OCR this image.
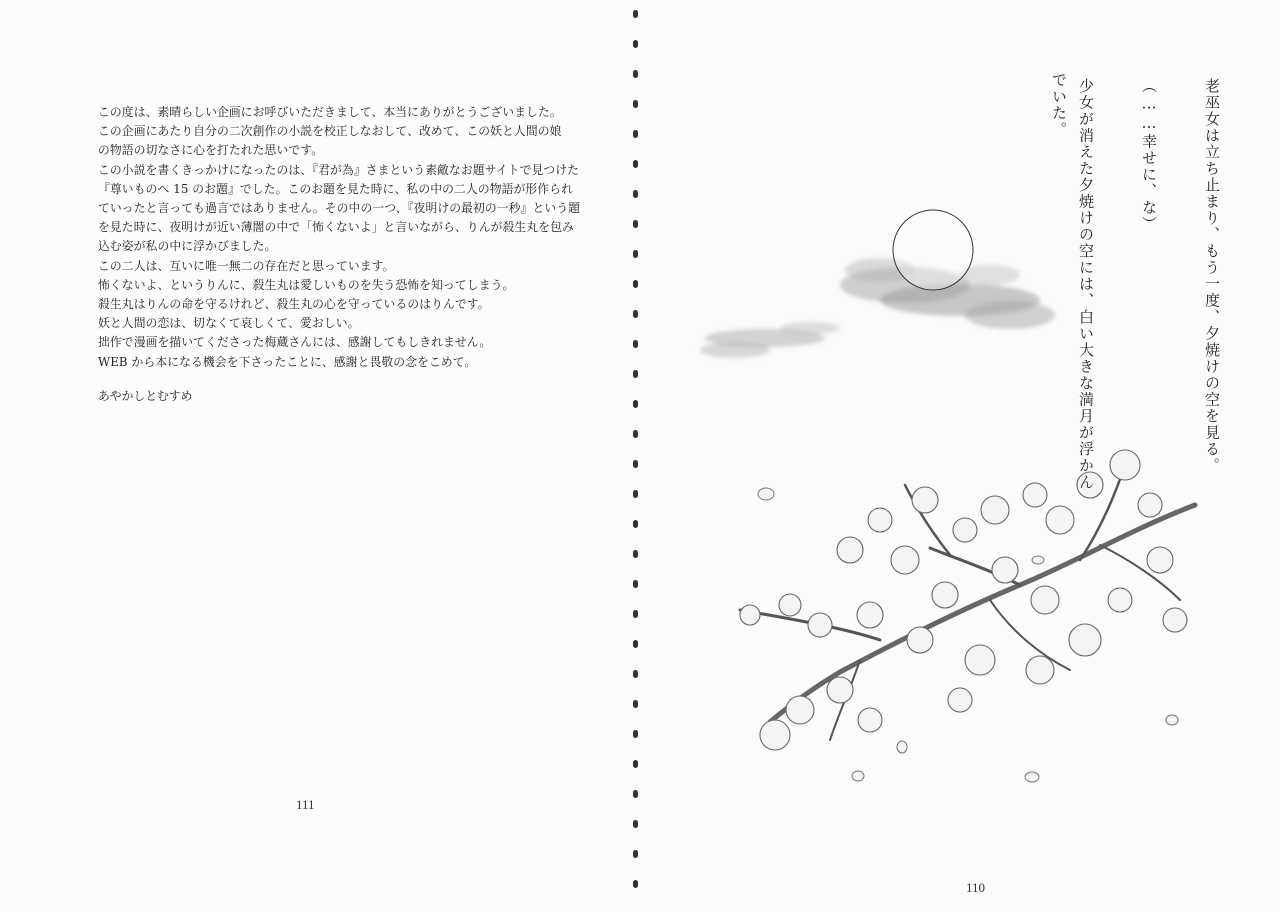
この度は、素晴らしい企画にお呼びいただきまして、本当にありがとうございました。

この企画にあたり自分の二次創作の小説を校正しなおして、改めて、この妖と人間の娘

の物語の切なさに心を打たれた思いです。

この小説を書くきっかけになったのは、『君が為』さまという素敵なお題サイトで見つけた

『尊いものへ 15 のお題』でした。このお題を見た時に、私の中の二人の物語が形作られ

ていったと言っても過言ではありません。その中の一つ、『夜明けの最初の一秒』という題

を見た時に、夜明けが近い薄闇の中で「怖くないよ」と言いながら、りんが殺生丸を包み

込む姿が私の中に浮かびました。

この二人は、互いに唯一無二の存在だと思っています。

怖くないよ、というりんに、殺生丸は愛しいものを失う恐怖を知ってしまう。

殺生丸はりんの命を守るけれど、殺生丸の心を守っているのはりんです。

妖と人間の恋は、切なくて哀しくて、愛おしい。

拙作で漫画を描いてくださった梅蔵さんには、感謝してもしきれません。

WEB から本になる機会を下さったことに、感謝と畏敬の念をこめて。

あやかしとむすめ
111
110
老巫女は立ち止まり、もう一度、夕焼けの空を見る。
（……幸せに、な）
少女が消えた夕焼けの空には、白い大きな満月が浮かん
でいた。
